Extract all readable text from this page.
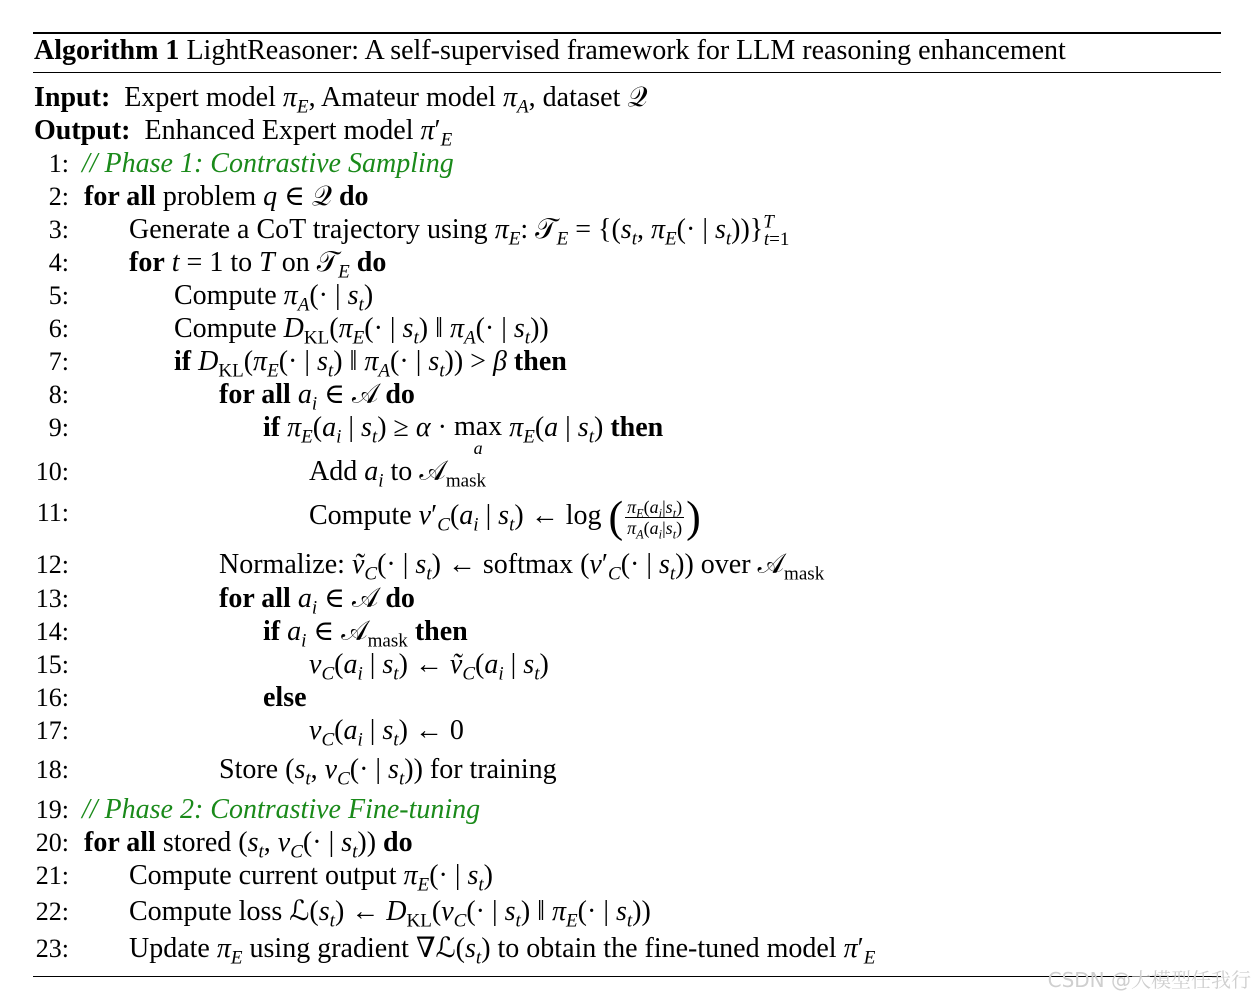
Algorithm 1 LightReasoner: A self-supervised framework for LLM reasoning enhancement
Input:  Expert model $\pi_E$, Amateur model $\pi_A$, dataset 𝒬
Output:  Enhanced Expert model $\pi'_E$
1: // Phase 1: Contrastive Sampling
2: for all problem q ∈ 𝒬 do
3: Generate a CoT trajectory using $\pi_E$: 𝒯$_E$ = {($s_t$, $\pi_E(\cdot$ | $s_t))\}^T_{t=1}$
4: for t = 1 to T on 𝒯$_E$ do
5:	Compute $\pi_A(\cdot$ | $s_t$)
6:	Compute $D_{KL}(\pi_E(\cdot$ | $s_t$) ‖ $\pi_A(\cdot$ | $s_t$))
7:	if $D_{KL}(\pi_E(\cdot$ | $s_t$) ‖ $\pi_A(\cdot$ | $s_t)) > \beta$ then
8:	for all $a_i$ ∈ 𝒜 do
9:	if $\pi_E(a_i$ | $s_t) \ge \alpha \cdot \max$
a
$\pi_E(a$ | $s_t$) then
10:	Add $a_i$ to 𝒜$_{mask}$
11:	Compute $v'_C(a_i$ | $s_t$) ← log ( $\frac{\pi_E(a_i|s_t)}{\pi_A(a_i|s_t)}$ )
12:	Normalize: ṽ$_C$(· | $s_t$) ← softmax ($v'_C(\cdot$ | $s_t$)) over 𝒜$_{mask}$
13:	for all $a_i$ ∈ 𝒜 do
14:	if $a_i$ ∈ 𝒜$_{mask}$ then
15:	$v_C(a_i$ | $s_t$) ← $ṽ_C(a_i$ | $s_t$)
16:	else
17:	$v_C(a_i$ | $s_t$) ← 0
18:	Store ($s_t$, $v_C(\cdot$ | $s_t$)) for training
19: // Phase 2: Contrastive Fine-tuning
20: for all stored ($s_t$, $v_C(\cdot$ | $s_t$)) do
21: Compute current output $\pi_E(\cdot$ | $s_t$)
22: Compute loss $ℒ(s_t)$ ← $D_{KL}(v_C(\cdot$ | $s_t$) ‖ $\pi_E(\cdot$ | $s_t$))
23: Update $\pi_E$ using gradient $\nabla ℒ(s_t)$ to obtain the fine-tuned model $\pi'_E$
CSDN @大模型任我行
